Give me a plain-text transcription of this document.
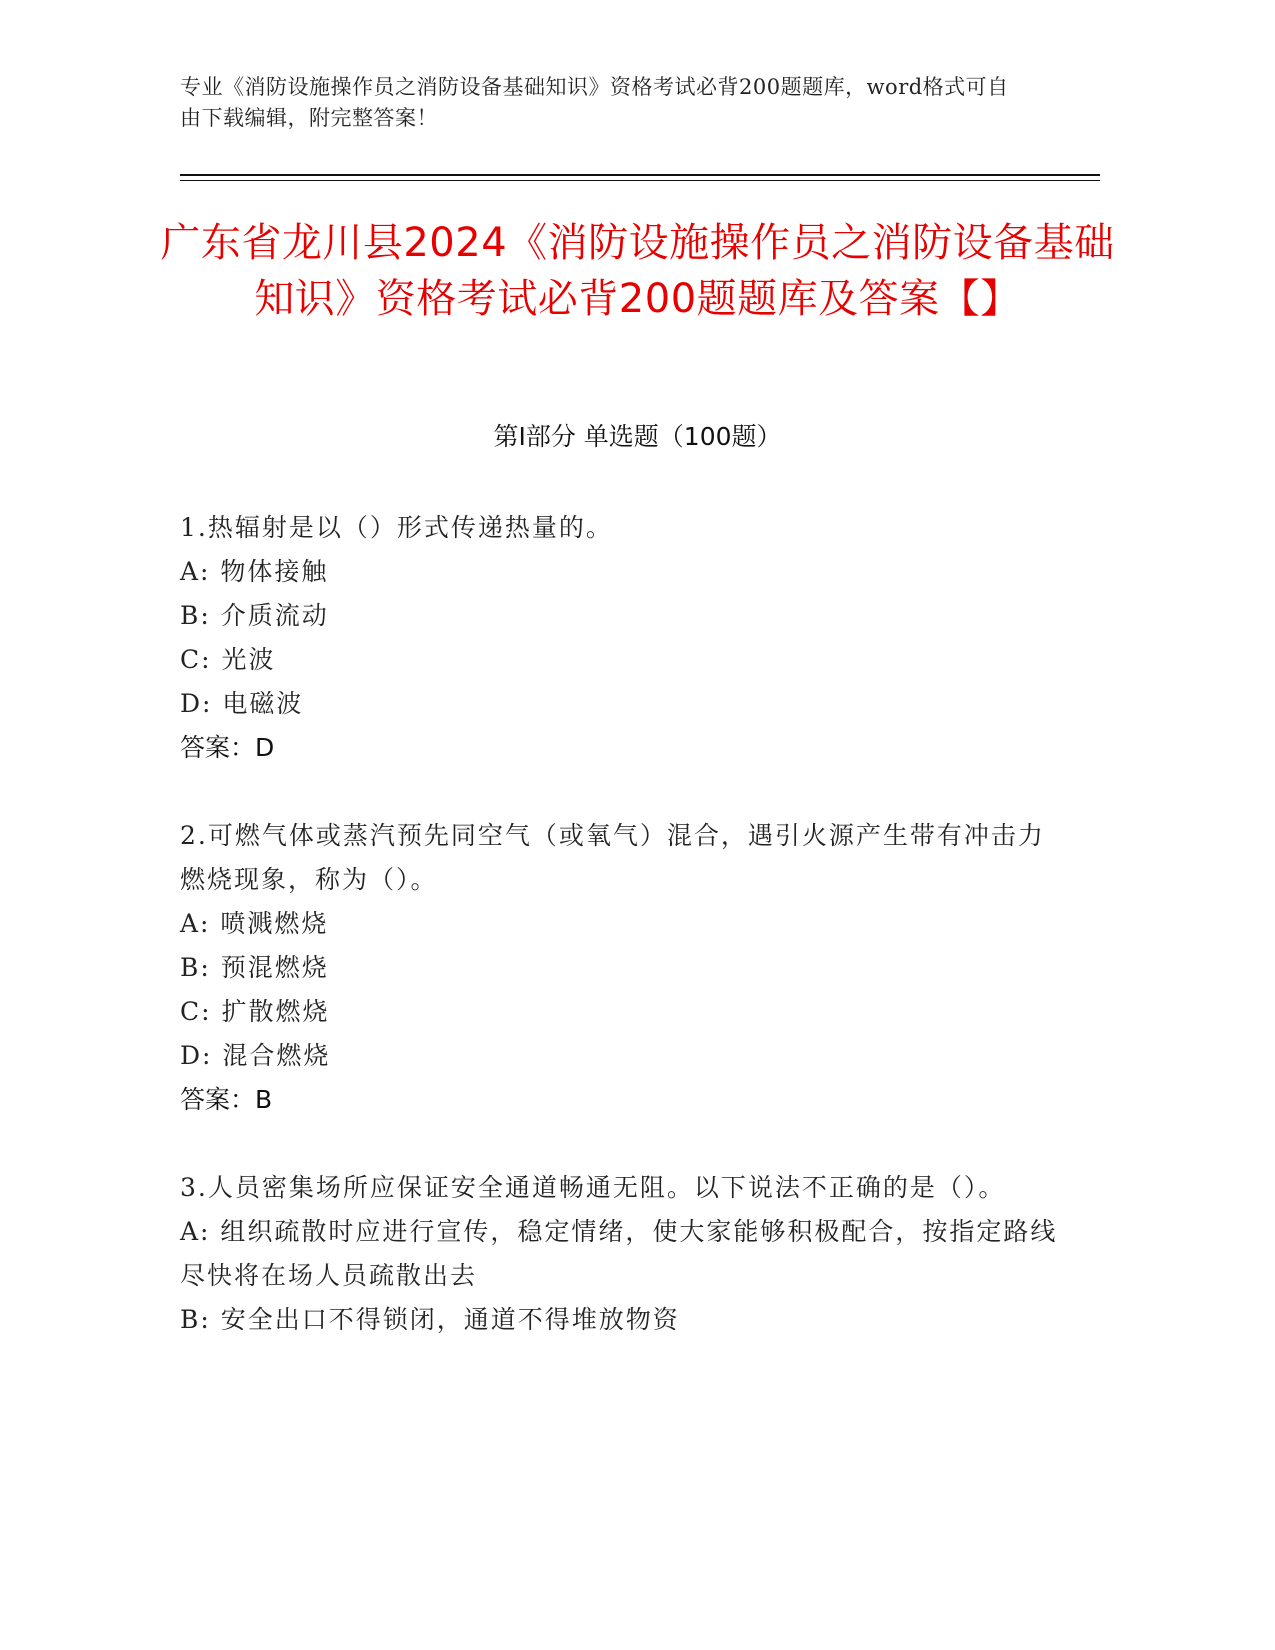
专业《消防设施操作员之消防设备基础知识》资格考试必背200题题库，word格式可自由下载编辑，附完整答案！
广东省龙川县2024《消防设施操作员之消防设备基础知识》资格考试必背200题题库及答案【】
第I部分 单选题（100题）
1.热辐射是以（）形式传递热量的。
A: 物体接触
B: 介质流动
C: 光波
D: 电磁波
答案：D
2.可燃气体或蒸汽预先同空气（或氧气）混合，遇引火源产生带有冲击力燃烧现象，称为（）。
A: 喷溅燃烧
B: 预混燃烧
C: 扩散燃烧
D: 混合燃烧
答案：B
3.人员密集场所应保证安全通道畅通无阻。以下说法不正确的是（）。
A: 组织疏散时应进行宣传，稳定情绪，使大家能够积极配合，按指定路线尽快将在场人员疏散出去
B: 安全出口不得锁闭，通道不得堆放物资
